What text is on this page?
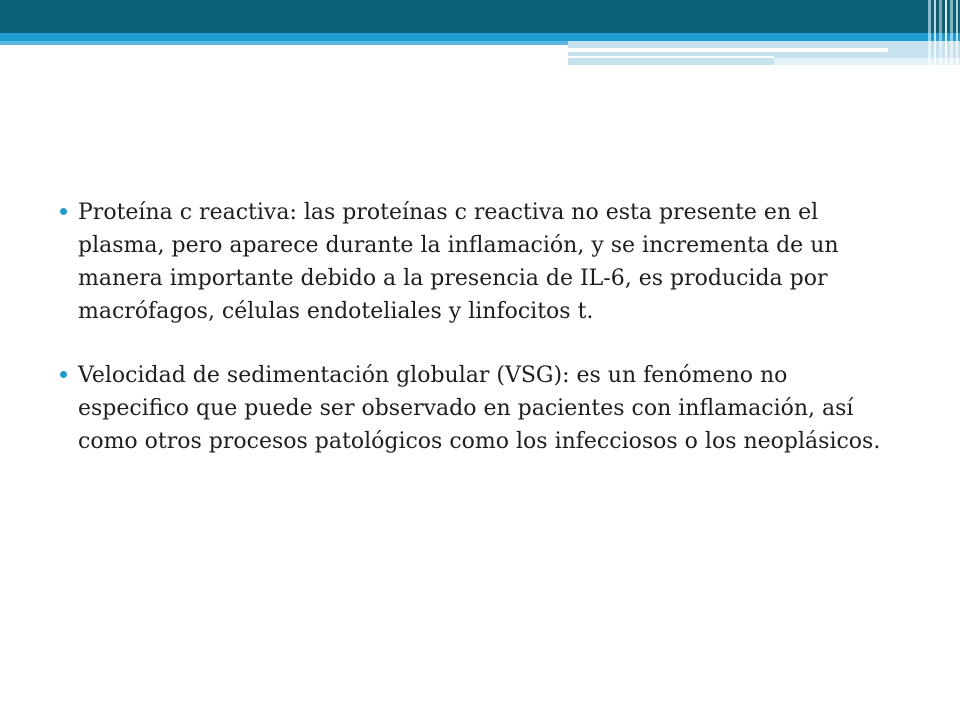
Proteína c reactiva: las proteínas c reactiva no esta presente en el plasma, pero aparece durante la inflamación, y se incrementa de un manera importante debido a la presencia de IL-6, es producida por macrófagos, células endoteliales y linfocitos t.
Velocidad de sedimentación globular (VSG): es un fenómeno no especifico que puede ser observado en pacientes con inflamación, así como otros procesos patológicos como los infecciosos o los neoplásicos.
